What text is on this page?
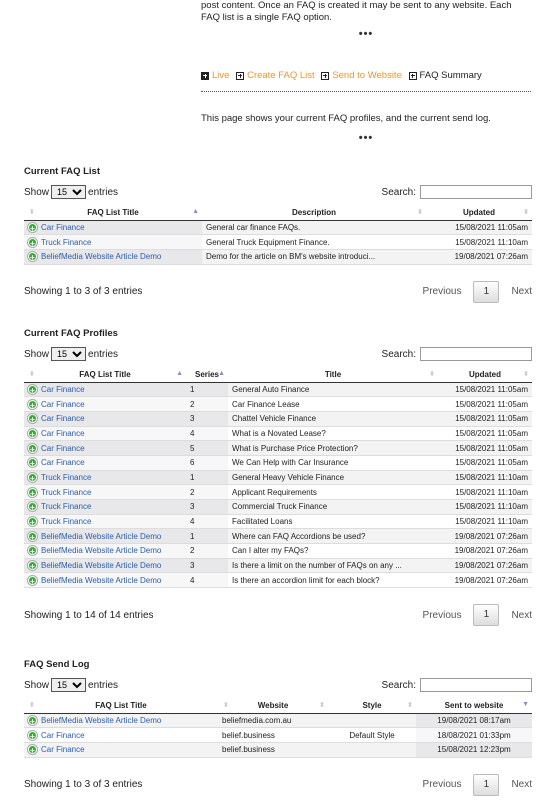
post content. Once an FAQ is created it may be sent to any website. Each FAQ list is a single FAQ option.

•••
Live
Create FAQ List
Send to Website
FAQ Summary
This page shows your current FAQ profiles, and the current send log.
•••
Current FAQ List
Show
15	entries	Search:
⬍ FAQ List Title ▲	Description ⬍	Updated ⬍

+ Car Finance	General car finance FAQs.	15/08/2021 11:05am
+ Truck Finance	General Truck Equipment Finance.	15/08/2021 11:10am
+ BeliefMedia Website Article Demo	Demo for the article on BM's website introduci...	19/08/2021 07:26am
Showing 1 to 3 of 3 entries	Previous	1	Next
Current FAQ Profiles
Show
15	entries	Search:
⬍ FAQ List Title ▲	Series ▲	Title ⬍	Updated ⬍

+ Car Finance	1	General Auto Finance	15/08/2021 11:05am
+ Car Finance	2	Car Finance Lease	15/08/2021 11:05am
+ Car Finance	3	Chattel Vehicle Finance	15/08/2021 11:05am
+ Car Finance	4	What is a Novated Lease?	15/08/2021 11:05am
+ Car Finance	5	What is Purchase Price Protection?	15/08/2021 11:05am
+ Car Finance	6	We Can Help with Car Insurance	15/08/2021 11:05am
+ Truck Finance	1	General Heavy Vehicle Finance	15/08/2021 11:10am
+ Truck Finance	2	Applicant Requirements	15/08/2021 11:10am
+ Truck Finance	3	Commercial Truck Finance	15/08/2021 11:10am
+ Truck Finance	4	Facilitated Loans	15/08/2021 11:10am
+ BeliefMedia Website Article Demo	1	Where can FAQ Accordions be used?	19/08/2021 07:26am
+ BeliefMedia Website Article Demo	2	Can I alter my FAQs?	19/08/2021 07:26am
+ BeliefMedia Website Article Demo	3	Is there a limit on the number of FAQs on any ...	19/08/2021 07:26am
+ BeliefMedia Website Article Demo	4	Is there an accordion limit for each block?	19/08/2021 07:26am
Showing 1 to 14 of 14 entries	Previous	1	Next
FAQ Send Log
Show
15	entries	Search:
⬍ FAQ List Title	⬍ Website ⬍	Style ⬍	Sent to website ▼

+ BeliefMedia Website Article Demo	beliefmedia.com.au		19/08/2021 08:17am
+ Car Finance	belief.business	Default Style	18/08/2021 01:33pm
+ Car Finance	belief.business		15/08/2021 12:23pm
Showing 1 to 3 of 3 entries	Previous	1	Next
